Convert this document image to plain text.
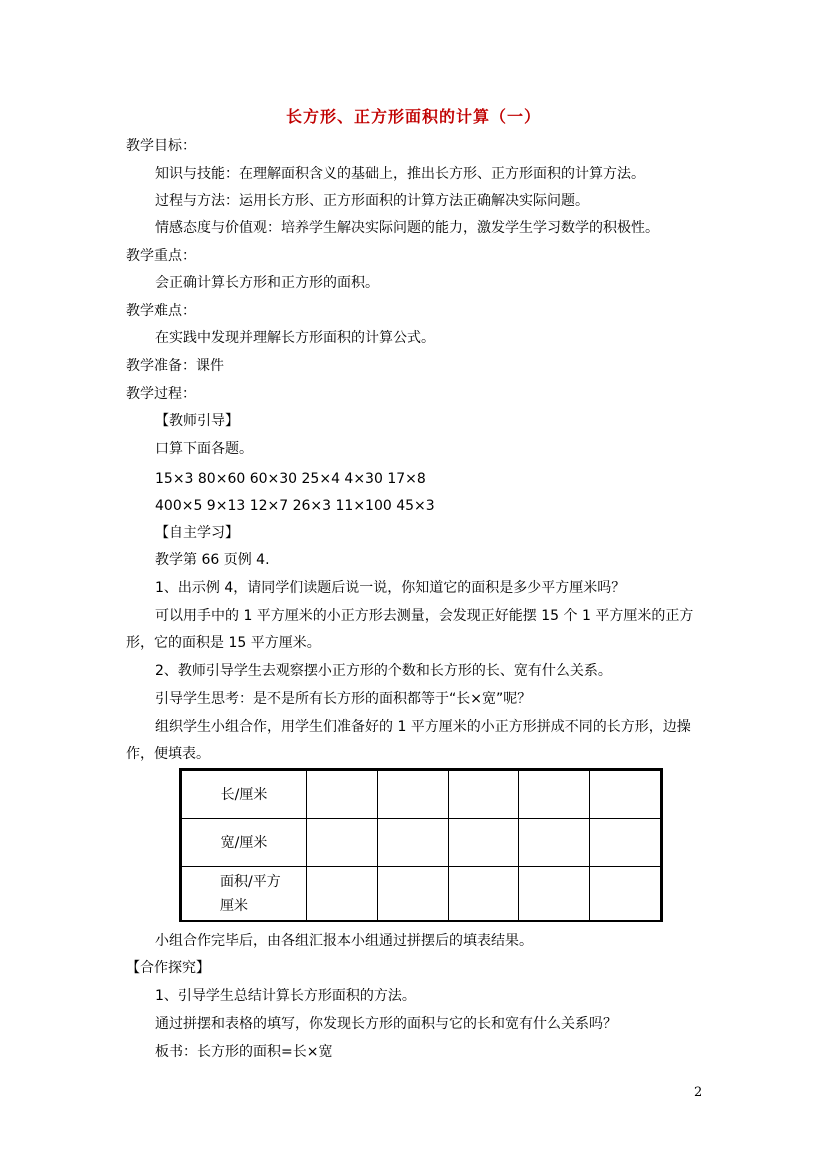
长方形、正方形面积的计算（一）
教学目标：
知识与技能：在理解面积含义的基础上，推出长方形、正方形面积的计算方法。
过程与方法：运用长方形、正方形面积的计算方法正确解决实际问题。
情感态度与价值观：培养学生解决实际问题的能力，激发学生学习数学的积极性。
教学重点：
会正确计算长方形和正方形的面积。
教学难点：
在实践中发现并理解长方形面积的计算公式。
教学准备：课件
教学过程：
【教师引导】
口算下面各题。
15×3 80×60 60×30 25×4 4×30 17×8
400×5 9×13 12×7 26×3 11×100 45×3
【自主学习】
教学第 66 页例 4.
1、出示例 4，请同学们读题后说一说，你知道它的面积是多少平方厘米吗？
可以用手中的 1 平方厘米的小正方形去测量，会发现正好能摆 15 个 1 平方厘米的正方
形，它的面积是 15 平方厘米。
2、教师引导学生去观察摆小正方形的个数和长方形的长、宽有什么关系。
引导学生思考：是不是所有长方形的面积都等于“长×宽”呢？
组织学生小组合作，用学生们准备好的 1 平方厘米的小正方形拼成不同的长方形，边操
作，便填表。
小组合作完毕后，由各组汇报本小组通过拼摆后的填表结果。
【合作探究】
1、引导学生总结计算长方形面积的方法。
通过拼摆和表格的填写，你发现长方形的面积与它的长和宽有什么关系吗？
板书：长方形的面积=长×宽
长/厘米					
宽/厘米					
面积/平方厘米					
2
